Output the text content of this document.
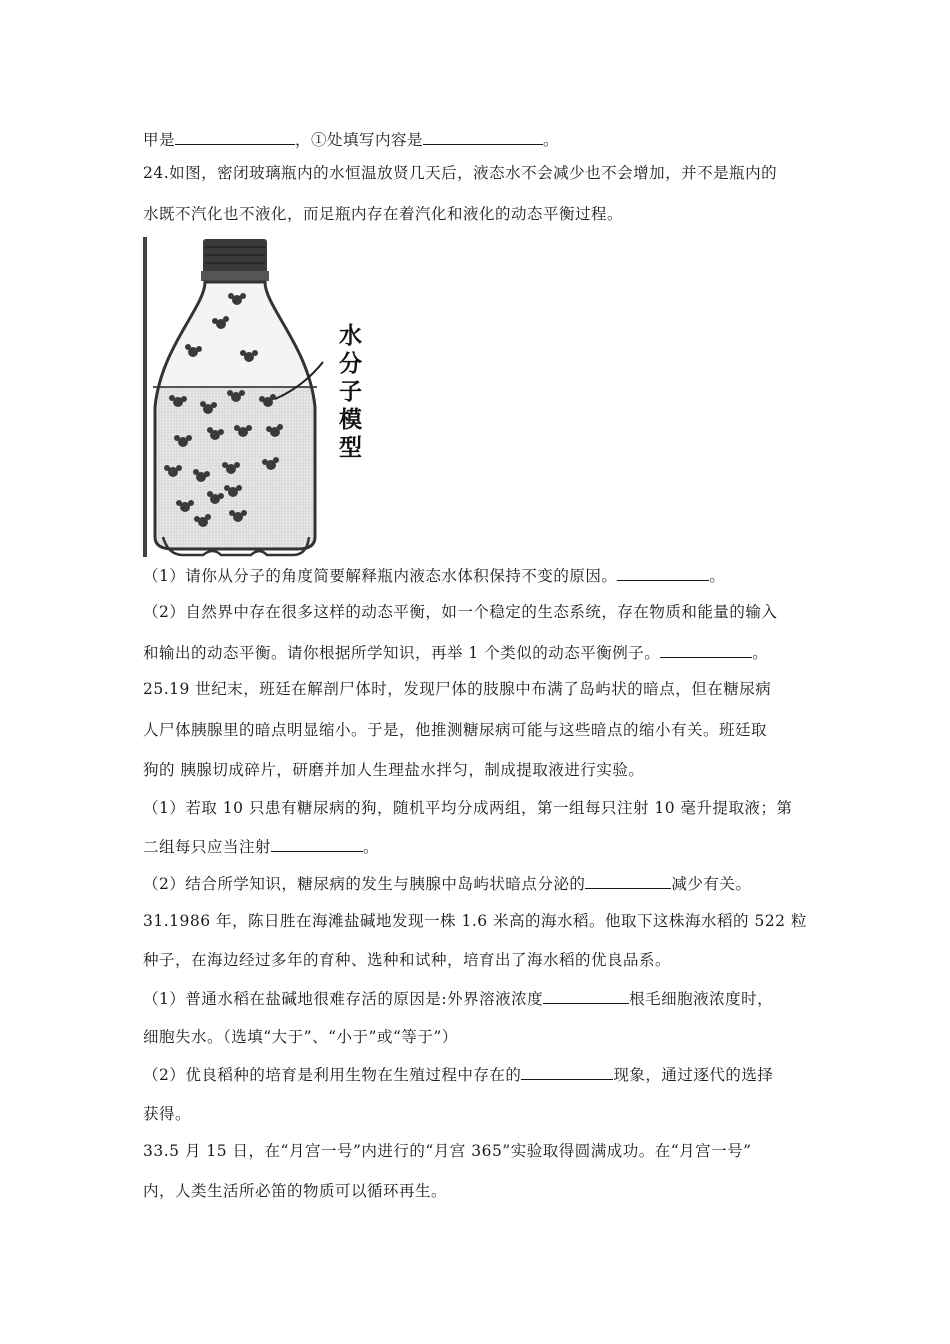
甲是	，①处填写内容是	。
24.如图，密闭玻璃瓶内的水恒温放贤几天后，液态水不会减少也不会增加，并不是瓶内的
水既不汽化也不液化，而足瓶内存在着汽化和液化的动态平衡过程。
水
分
子
模
型
（1）请你从分子的角度简要解释瓶内液态水体积保持不变的原因。	。
（2）自然界中存在很多这样的动态平衡，如一个稳定的生态系统，存在物质和能量的输入
和输出的动态平衡。请你根据所学知识，再举 1 个类似的动态平衡例子。	。
25.19 世纪末，班廷在解剖尸体时，发现尸体的肢腺中布满了岛屿状的暗点，但在糖尿病
人尸体胰腺里的暗点明显缩小。于是，他推测糖尿病可能与这些暗点的缩小有关。班廷取
狗的 胰腺切成碎片，研磨并加人生理盐水拌匀，制成提取液进行实验。
（1）若取 10 只患有糖尿病的狗，随机平均分成两组，第一组每只注射 10 毫升提取液；第
二组每只应当注射	。
（2）结合所学知识，糖尿病的发生与胰腺中岛屿状暗点分泌的	减少有关。
31.1986 年，陈日胜在海滩盐碱地发现一株 1.6 米高的海水稻。他取下这株海水稻的 522 粒
种子，在海边经过多年的育种、选种和试种，培育出了海水稻的优良品系。
（1）普通水稻在盐碱地很难存活的原因是:外界溶液浓度	根毛细胞液浓度时，
细胞失水。（选填“大于”、“小于”或“等于”）
（2）优良稻种的培育是利用生物在生殖过程中存在的	现象，通过逐代的选择
获得。
33.5 月 15 日，在“月宫一号”内进行的“月宫 365”实验取得圆满成功。在“月宫一号”
内，人类生活所必笛的物质可以循环再生。
